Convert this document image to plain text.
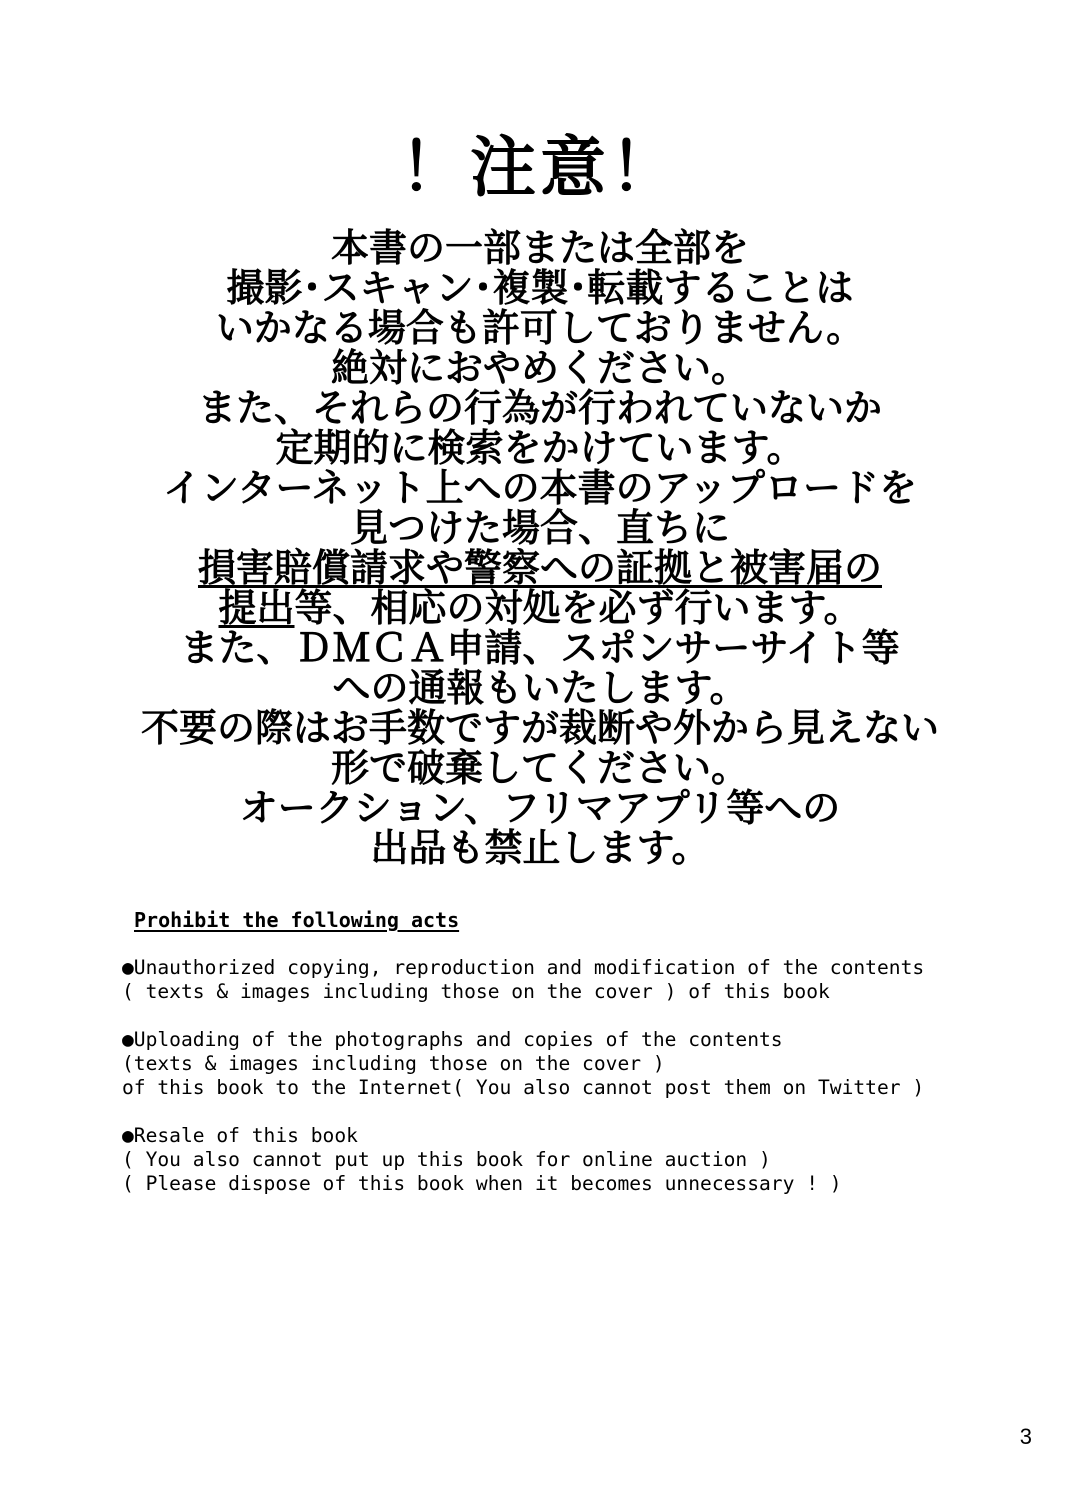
！注意！
本書の一部または全部を
撮影･スキャン･複製･転載することは
いかなる場合も許可しておりません。
絶対におやめください。
また、それらの行為が行われていないか
定期的に検索をかけています。
インターネット上への本書のアップロードを
見つけた場合、直ちに
損害賠償請求や警察への証拠と被害届の
提出等、相応の対処を必ず行います。
また、ＤＭＣＡ申請、スポンサーサイト等
への通報もいたします。
不要の際はお手数ですが裁断や外から見えない
形で破棄してください。
オークション、フリマアプリ等への
出品も禁止します。
Prohibit the following acts
●Unauthorized copying, reproduction and modification of the contents
( texts & images including those on the cover ) of this book
●Uploading of the photographs and copies of the contents
(texts & images including those on the cover )
of this book to the Internet( You also cannot post them on Twitter )
●Resale of this book
( You also cannot put up this book for online auction )
( Please dispose of this book when it becomes unnecessary ! )
3
